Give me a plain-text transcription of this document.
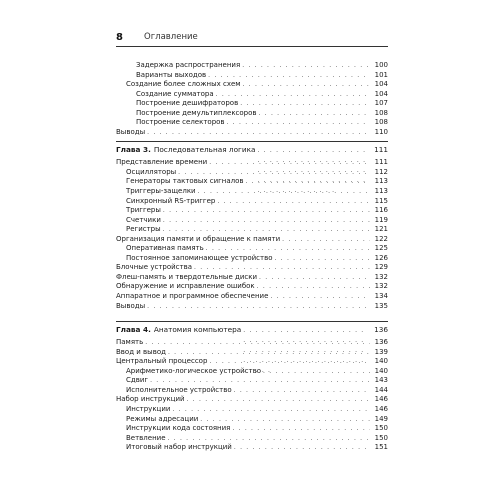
8	Оглавление
Задержка распространения . . .	100
Варианты выходов . . .	101
Создание более сложных схем . . .	104
Создание сумматора . . .	104
Построение дешифраторов . . .	107
Построение демультиплексоров . . .	108
Построение селекторов . . .	108
Выводы . . .	110
Глава 3. Последовательная логика . . .	111
Представление времени . . .	111
Осцилляторы . . .	112
Генераторы тактовых сигналов . . .	113
Триггеры-защелки . . .	113
Синхронный RS-триггер . . .	115
Триггеры . . .	116
Счетчики . . .	119
Регистры . . .	121
Организация памяти и обращение к памяти . . .	122
Оперативная память . . .	125
Постоянное запоминающее устройство . . .	126
Блочные устройства . . .	129
Флеш-память и твердотельные диски . . .	132
Обнаружение и исправление ошибок . . .	132
Аппаратное и программное обеспечение . . .	134
Выводы . . .	135
Глава 4. Анатомия компьютера . . .	136
Память . . .	136
Ввод и вывод . . .	139
Центральный процессор . . .	140
Арифметико-логическое устройство . . .	140
Сдвиг . . .	143
Исполнительное устройство . . .	144
Набор инструкций . . .	146
Инструкции . . .	146
Режимы адресации . . .	149
Инструкции кода состояния . . .	150
Ветвление . . .	150
Итоговый набор инструкций . . .	151
